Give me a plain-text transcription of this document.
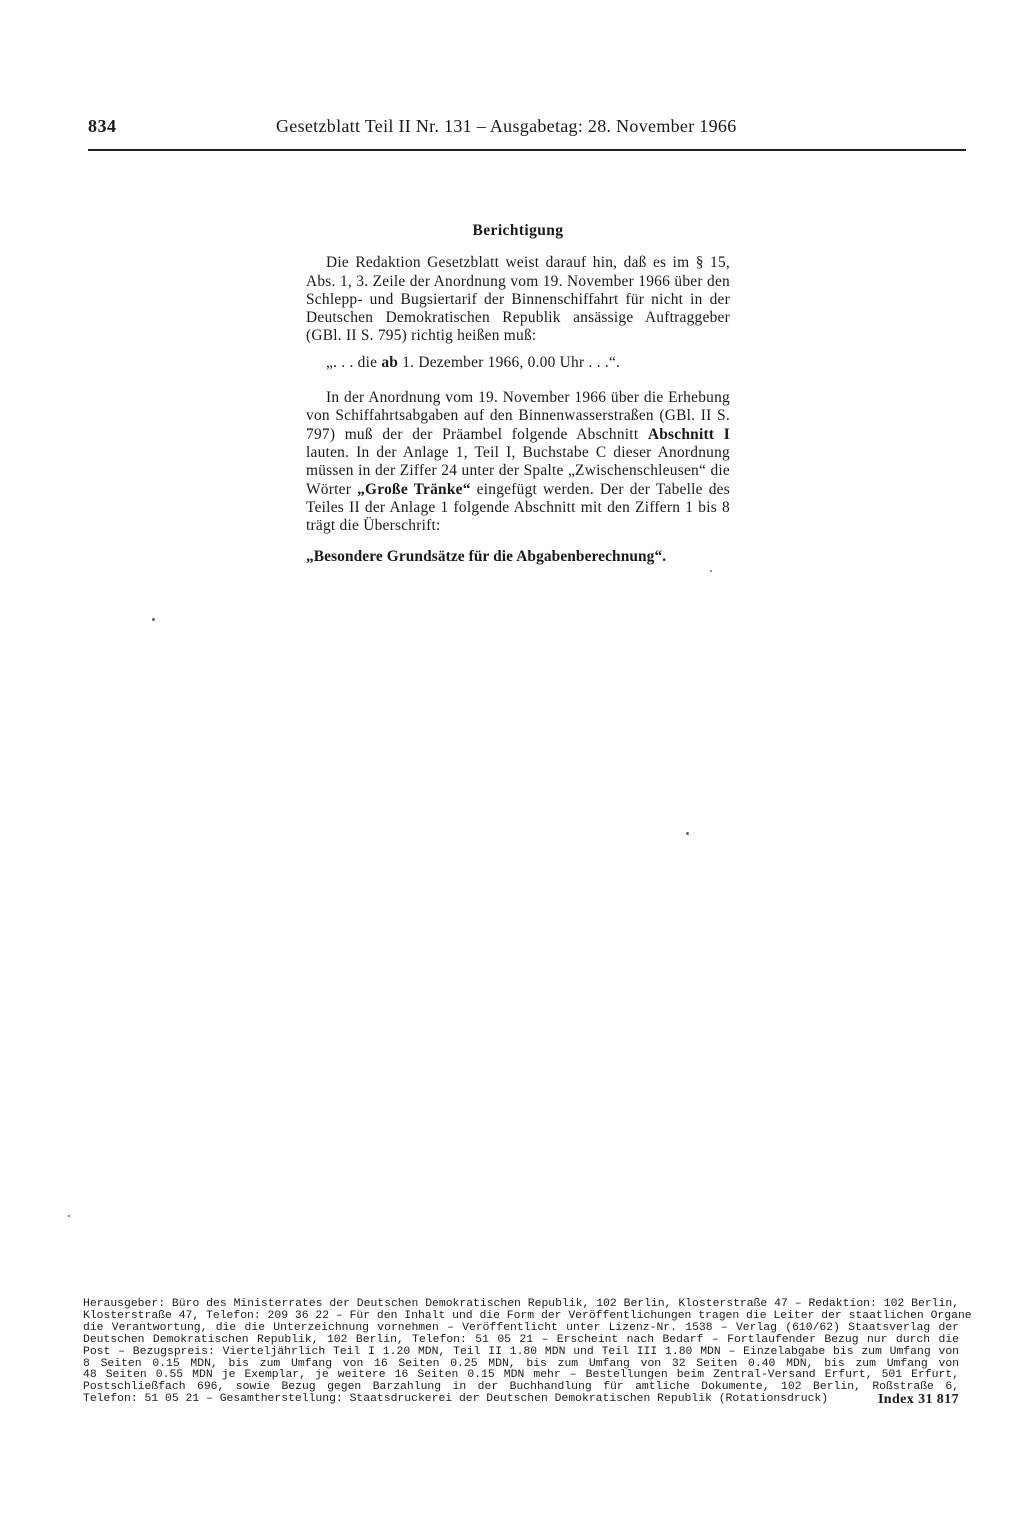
834	Gesetzblatt Teil II Nr. 131 – Ausgabetag: 28. November 1966
Berichtigung

Die Redaktion Gesetzblatt weist darauf hin, daß es im § 15, Abs. 1, 3. Zeile der Anordnung vom 19. November 1966 über den Schlepp- und Bugsiertarif der Binnenschiffahrt für nicht in der Deutschen Demokratischen Republik ansässige Auftraggeber (GBl. II S. 795) richtig heißen muß:

„. . . die ab 1. Dezember 1966, 0.00 Uhr . . .“.

In der Anordnung vom 19. November 1966 über die Erhebung von Schiffahrtsabgaben auf den Binnenwasserstraßen (GBl. II S. 797) muß der der Präambel folgende Abschnitt Abschnitt I lauten. In der Anlage 1, Teil I, Buchstabe C dieser Anordnung müssen in der Ziffer 24 unter der Spalte „Zwischenschleusen“ die Wörter „Große Tränke“ eingefügt werden. Der der Tabelle des Teiles II der Anlage 1 folgende Abschnitt mit den Ziffern 1 bis 8 trägt die Überschrift:

„Besondere Grundsätze für die Abgabenberechnung“.

Herausgeber: Büro des Ministerrates der Deutschen Demokratischen Republik, 102 Berlin, Klosterstraße 47 – Redaktion: 102 Berlin,
Klosterstraße 47, Telefon: 209 36 22 – Für den Inhalt und die Form der Veröffentlichungen tragen die Leiter der staatlichen Organe
die Verantwortung, die die Unterzeichnung vornehmen – Veröffentlicht unter Lizenz-Nr. 1538 – Verlag (610/62) Staatsverlag der
Deutschen Demokratischen Republik, 102 Berlin, Telefon: 51 05 21 – Erscheint nach Bedarf – Fortlaufender Bezug nur durch die
Post – Bezugspreis: Vierteljährlich Teil I 1.20 MDN, Teil II 1.80 MDN und Teil III 1.80 MDN – Einzelabgabe bis zum Umfang von
8 Seiten 0.15 MDN, bis zum Umfang von 16 Seiten 0.25 MDN, bis zum Umfang von 32 Seiten 0.40 MDN, bis zum Umfang von
48 Seiten 0.55 MDN je Exemplar, je weitere 16 Seiten 0.15 MDN mehr – Bestellungen beim Zentral-Versand Erfurt, 501 Erfurt,
Postschließfach 696, sowie Bezug gegen Barzahlung in der Buchhandlung für amtliche Dokumente, 102 Berlin, Roßstraße 6,
Telefon: 51 05 21 – Gesamtherstellung: Staatsdruckerei der Deutschen Demokratischen Republik (Rotationsdruck)	Index 31 817
